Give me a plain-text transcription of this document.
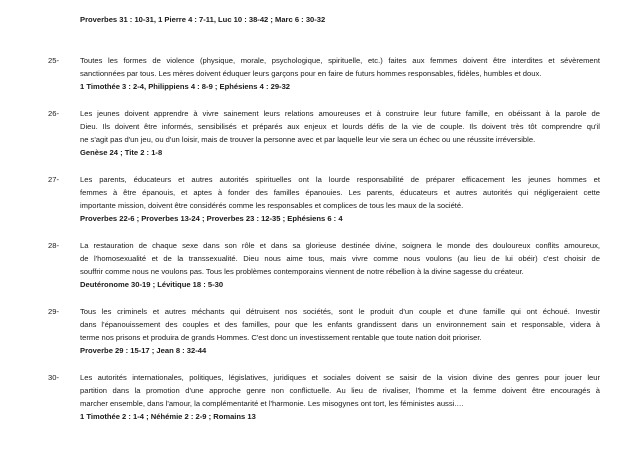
Proverbes 31 : 10-31, 1 Pierre 4 : 7-11, Luc 10 : 38-42 ; Marc 6 : 30-32
25-	Toutes les formes de violence (physique, morale, psychologique, spirituelle, etc.) faites aux femmes doivent être interdites et sévèrement
sanctionnées par tous. Les mères doivent éduquer leurs garçons pour en faire de futurs hommes responsables, fidèles, humbles et doux.
1 Timothée 3 : 2-4, Philippiens 4 : 8-9 ; Ephésiens 4 : 29-32
26-	Les jeunes doivent apprendre à vivre sainement leurs relations amoureuses et à construire leur future famille, en obéissant à la parole de
Dieu. Ils doivent être informés, sensibilisés et préparés aux enjeux et lourds défis de la vie de couple. Ils doivent très tôt comprendre qu'il
ne s'agit pas d'un jeu, ou d'un loisir, mais de trouver la personne avec et par laquelle leur vie sera un échec ou une réussite irréversible.
Genèse 24 ; Tite 2 : 1-8
27-	Les parents, éducateurs et autres autorités spirituelles ont la lourde responsabilité de préparer efficacement les jeunes hommes et
femmes à être épanouis, et aptes à fonder des familles épanouies. Les parents, éducateurs et autres autorités qui négligeraient cette
importante mission, doivent être considérés comme les responsables et complices de tous les maux de la société.
Proverbes 22-6 ; Proverbes 13-24 ; Proverbes 23 : 12-35 ; Ephésiens 6 : 4
28-	La restauration de chaque sexe dans son rôle et dans sa glorieuse destinée divine, soignera le monde des douloureux conflits amoureux,
de l'homosexualité et de la transsexualité. Dieu nous aime tous, mais vivre comme nous voulons (au lieu de lui obéir) c'est choisir de
souffrir comme nous ne voulons pas. Tous les problèmes contemporains viennent de notre rébellion à la divine sagesse du créateur.
Deutéronome 30-19 ; Lévitique 18 : 5-30
29-	Tous les criminels et autres méchants qui détruisent nos sociétés, sont le produit d'un couple et d'une famille qui ont échoué. Investir
dans l'épanouissement des couples et des familles, pour que les enfants grandissent dans un environnement sain et responsable, videra à
terme nos prisons et produira de grands Hommes. C'est donc un investissement rentable que toute nation doit prioriser.
Proverbe 29 : 15-17 ; Jean 8 : 32-44
30-	Les autorités internationales, politiques, législatives, juridiques et sociales doivent se saisir de la vision divine des genres pour jouer leur
partition dans la promotion d'une approche genre non conflictuelle. Au lieu de rivaliser, l'homme et la femme doivent être encouragés à
marcher ensemble, dans l'amour, la complémentarité et l'harmonie. Les misogynes ont tort, les féministes aussi.…
1 Timothée 2 : 1-4 ; Néhémie 2 : 2-9 ; Romains 13
